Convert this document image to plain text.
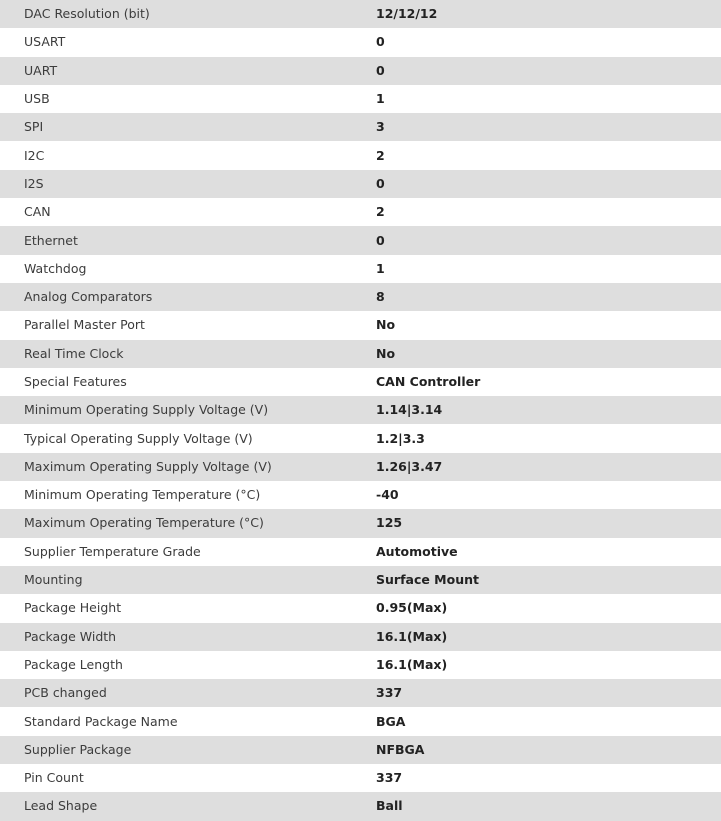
DAC Resolution (bit)	12/12/12
USART	0
UART	0
USB	1
SPI	3
I2C	2
I2S	0
CAN	2
Ethernet	0
Watchdog	1
Analog Comparators	8
Parallel Master Port	No
Real Time Clock	No
Special Features	CAN Controller
Minimum Operating Supply Voltage (V)	1.14|3.14
Typical Operating Supply Voltage (V)	1.2|3.3
Maximum Operating Supply Voltage (V)	1.26|3.47
Minimum Operating Temperature (°C)	-40
Maximum Operating Temperature (°C)	125
Supplier Temperature Grade	Automotive
Mounting	Surface Mount
Package Height	0.95(Max)
Package Width	16.1(Max)
Package Length	16.1(Max)
PCB changed	337
Standard Package Name	BGA
Supplier Package	NFBGA
Pin Count	337
Lead Shape	Ball
